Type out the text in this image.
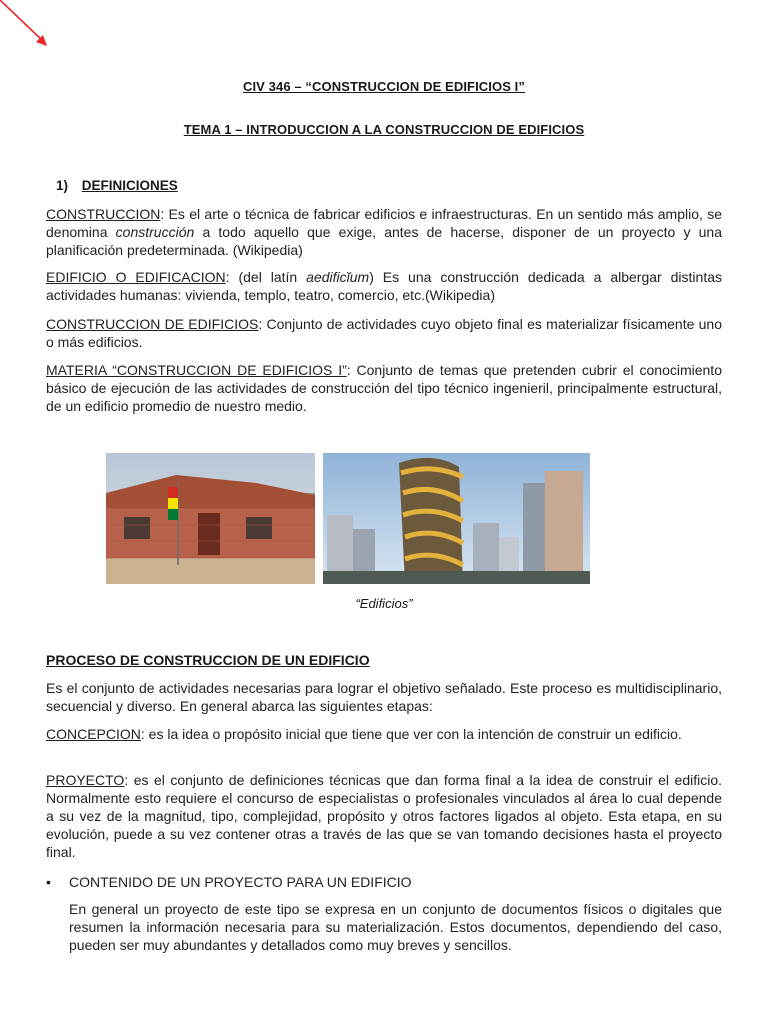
CIV 346 – “CONSTRUCCION DE EDIFICIOS I”
TEMA 1 – INTRODUCCION A LA CONSTRUCCION DE EDIFICIOS
1) DEFINICIONES
CONSTRUCCION: Es el arte o técnica de fabricar edificios e infraestructuras. En un sentido más amplio, se denomina construcción a todo aquello que exige, antes de hacerse, disponer de un proyecto y una planificación predeterminada. (Wikipedia)
EDIFICIO O EDIFICACION: (del latín aedificĭum) Es una construcción dedicada a albergar distintas actividades humanas: vivienda, templo, teatro, comercio, etc.(Wikipedia)
CONSTRUCCION DE EDIFICIOS: Conjunto de actividades cuyo objeto final es materializar físicamente uno o más edificios.
MATERIA “CONSTRUCCION DE EDIFICIOS I”: Conjunto de temas que pretenden cubrir el conocimiento básico de ejecución de las actividades de construcción del tipo técnico ingenieril, principalmente estructural, de un edificio promedio de nuestro medio.
“Edificios”
PROCESO DE CONSTRUCCION DE UN EDIFICIO
Es el conjunto de actividades necesarias para lograr el objetivo señalado. Este proceso es multidisciplinario, secuencial y diverso. En general abarca las siguientes etapas:
CONCEPCION: es la idea o propósito inicial que tiene que ver con la intención de construir un edificio.
PROYECTO: es el conjunto de definiciones técnicas que dan forma final a la idea de construir el edificio. Normalmente esto requiere el concurso de especialistas o profesionales vinculados al área lo cual depende a su vez de la magnitud, tipo, complejidad, propósito y otros factores ligados al objeto. Esta etapa, en su evolución, puede a su vez contener otras a través de las que se van tomando decisiones hasta el proyecto final.
• CONTENIDO DE UN PROYECTO PARA UN EDIFICIO
En general un proyecto de este tipo se expresa en un conjunto de documentos físicos o digitales que resumen la información necesaria para su materialización. Estos documentos, dependiendo del caso, pueden ser muy abundantes y detallados como muy breves y sencillos.
